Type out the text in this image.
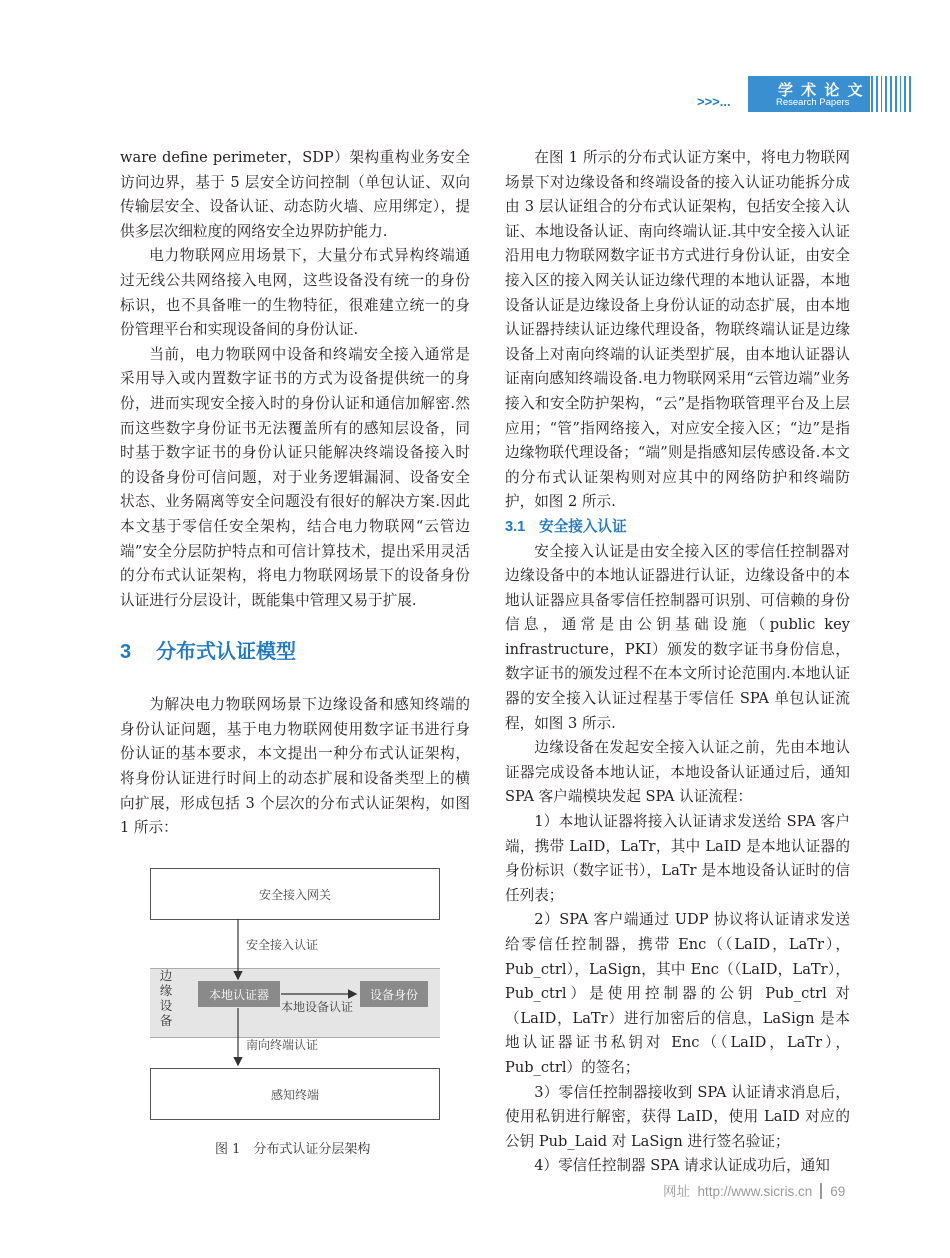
>>>...
学 术 论 文
Research Papers

ware define perimeter，SDP）架构重构业务安全访问边界，基于 5 层安全访问控制（单包认证、双向传输层安全、设备认证、动态防火墙、应用绑定），提供多层次细粒度的网络安全边界防护能力.

电力物联网应用场景下，大量分布式异构终端通过无线公共网络接入电网，这些设备没有统一的身份标识，也不具备唯一的生物特征，很难建立统一的身份管理平台和实现设备间的身份认证.

当前，电力物联网中设备和终端安全接入通常是采用导入或内置数字证书的方式为设备提供统一的身份，进而实现安全接入时的身份认证和通信加解密.然而这些数字身份证书无法覆盖所有的感知层设备，同时基于数字证书的身份认证只能解决终端设备接入时的设备身份可信问题，对于业务逻辑漏洞、设备安全状态、业务隔离等安全问题没有很好的解决方案.因此本文基于零信任安全架构，结合电力物联网“云管边端”安全分层防护特点和可信计算技术，提出采用灵活的分布式认证架构，将电力物联网场景下的设备身份认证进行分层设计，既能集中管理又易于扩展.

3 分布式认证模型

为解决电力物联网场景下边缘设备和感知终端的身份认证问题，基于电力物联网使用数字证书进行身份认证的基本要求，本文提出一种分布式认证架构，将身份认证进行时间上的动态扩展和设备类型上的横向扩展，形成包括 3 个层次的分布式认证架构，如图 1 所示：

安全接入网关
边缘设备
本地认证器	设备身份
安全接入认证
本地设备认证
南向终端认证
感知终端
图 1　分布式认证分层架构

在图 1 所示的分布式认证方案中，将电力物联网场景下对边缘设备和终端设备的接入认证功能拆分成由 3 层认证组合的分布式认证架构，包括安全接入认证、本地设备认证、南向终端认证.其中安全接入认证沿用电力物联网数字证书方式进行身份认证，由安全接入区的接入网关认证边缘代理的本地认证器，本地设备认证是边缘设备上身份认证的动态扩展，由本地认证器持续认证边缘代理设备，物联终端认证是边缘设备上对南向终端的认证类型扩展，由本地认证器认证南向感知终端设备.电力物联网采用“云管边端”业务接入和安全防护架构，“云”是指物联管理平台及上层应用；“管”指网络接入，对应安全接入区；“边”是指边缘物联代理设备；“端”则是指感知层传感设备.本文的分布式认证架构则对应其中的网络防护和终端防护，如图 2 所示.

3.1 安全接入认证

安全接入认证是由安全接入区的零信任控制器对边缘设备中的本地认证器进行认证，边缘设备中的本地认证器应具备零信任控制器可识别、可信赖的身份信息，通常是由公钥基础设施（public key infrastructure，PKI）颁发的数字证书身份信息，数字证书的颁发过程不在本文所讨论范围内.本地认证器的安全接入认证过程基于零信任 SPA 单包认证流程，如图 3 所示.

边缘设备在发起安全接入认证之前，先由本地认证器完成设备本地认证，本地设备认证通过后，通知 SPA 客户端模块发起 SPA 认证流程：

1）本地认证器将接入认证请求发送给 SPA 客户端，携带 LaID，LaTr，其中 LaID 是本地认证器的身份标识（数字证书），LaTr 是本地设备认证时的信任列表；

2）SPA 客户端通过 UDP 协议将认证请求发送给零信任控制器，携带 Enc（（LaID，LaTr），Pub_ctrl），LaSign，其中 Enc（（LaID，LaTr），Pub_ctrl）是使用控制器的公钥 Pub_ctrl 对（LaID，LaTr）进行加密后的信息，LaSign 是本地认证器证书私钥对 Enc（（LaID，LaTr），Pub_ctrl）的签名；

3）零信任控制器接收到 SPA 认证请求消息后，使用私钥进行解密，获得 LaID，使用 LaID 对应的公钥 Pub_Laid 对 LaSign 进行签名验证；

4）零信任控制器 SPA 请求认证成功后，通知

网址 http://www.sicris.cn 69
